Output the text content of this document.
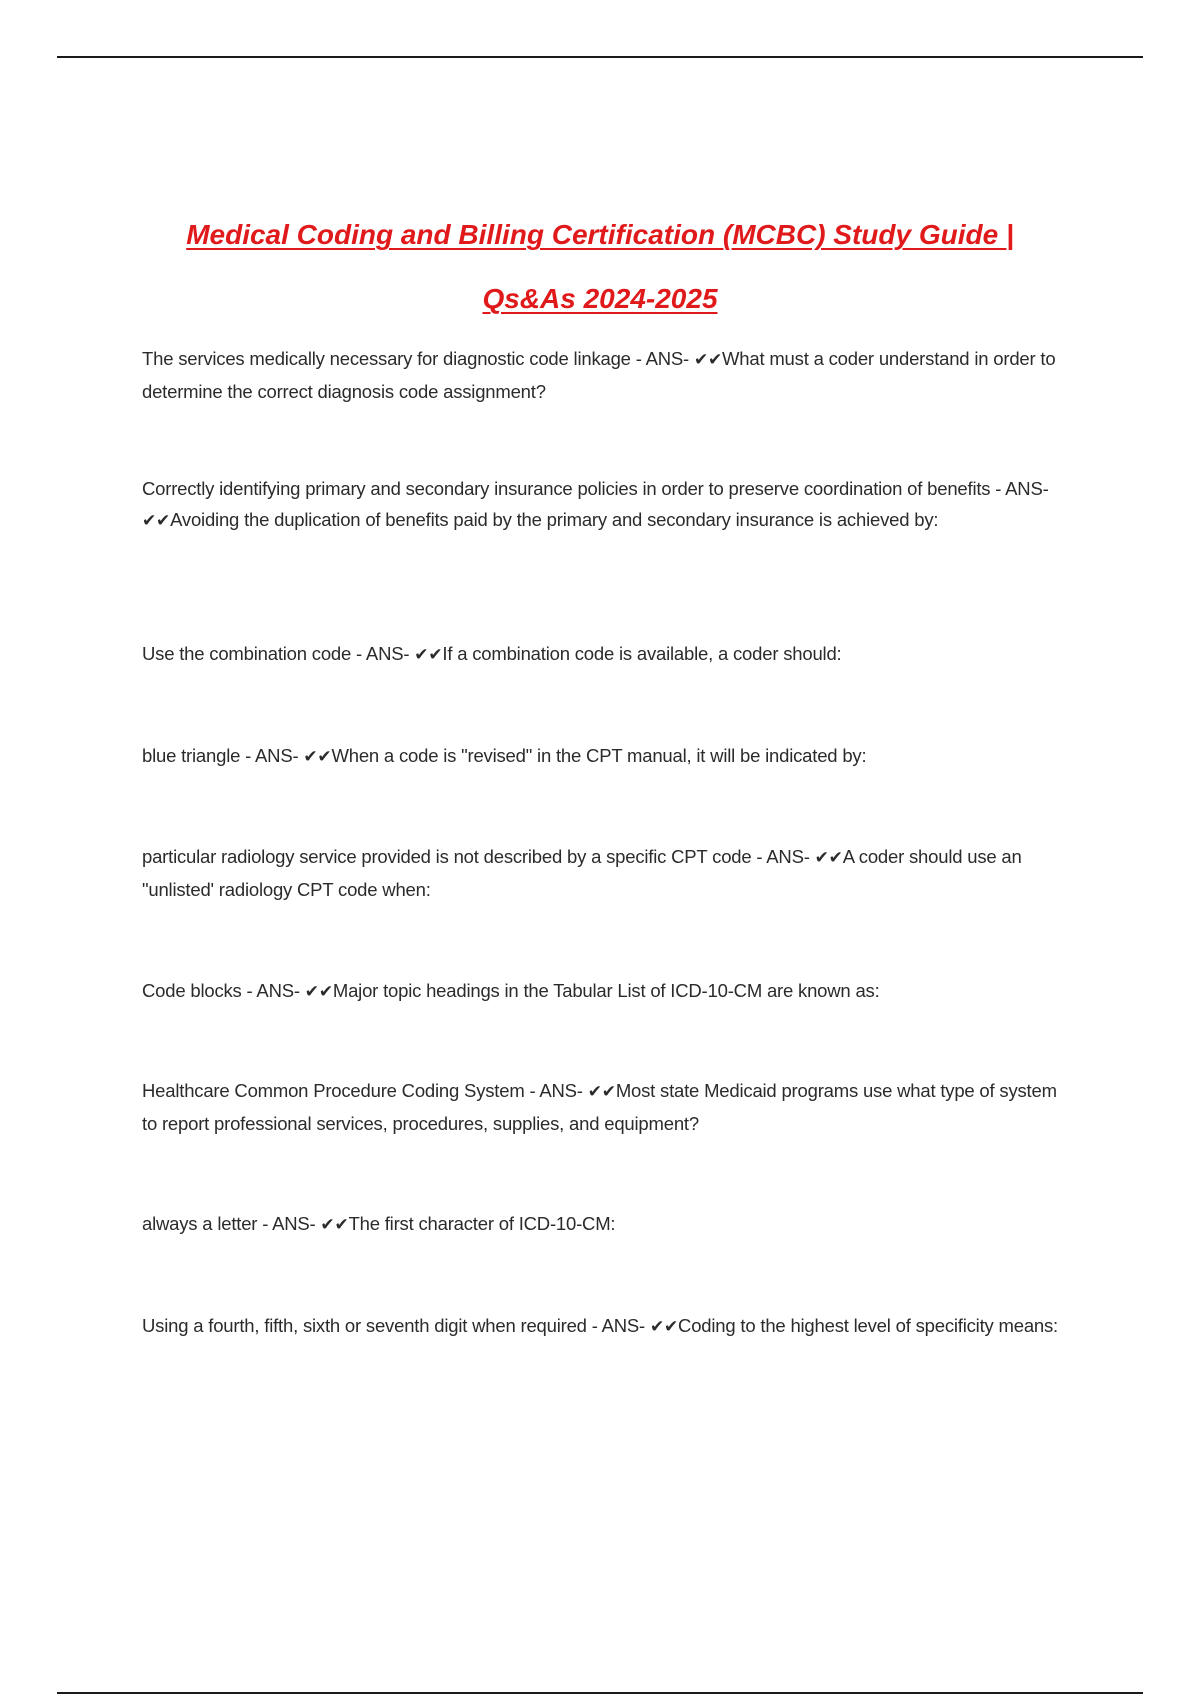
Medical Coding and Billing Certification (MCBC) Study Guide |
Qs&As 2024-2025

The services medically necessary for diagnostic code linkage - ANS- ✔✔What must a coder understand in order to determine the correct diagnosis code assignment?

Correctly identifying primary and secondary insurance policies in order to preserve coordination of benefits - ANS- ✔✔Avoiding the duplication of benefits paid by the primary and secondary insurance is achieved by:

Use the combination code - ANS- ✔✔If a combination code is available, a coder should:

blue triangle - ANS- ✔✔When a code is "revised" in the CPT manual, it will be indicated by:

particular radiology service provided is not described by a specific CPT code - ANS- ✔✔A coder should use an "unlisted' radiology CPT code when:

Code blocks - ANS- ✔✔Major topic headings in the Tabular List of ICD-10-CM are known as:

Healthcare Common Procedure Coding System - ANS- ✔✔Most state Medicaid programs use what type of system to report professional services, procedures, supplies, and equipment?

always a letter - ANS- ✔✔The first character of ICD-10-CM:

Using a fourth, fifth, sixth or seventh digit when required - ANS- ✔✔Coding to the highest level of specificity means:
